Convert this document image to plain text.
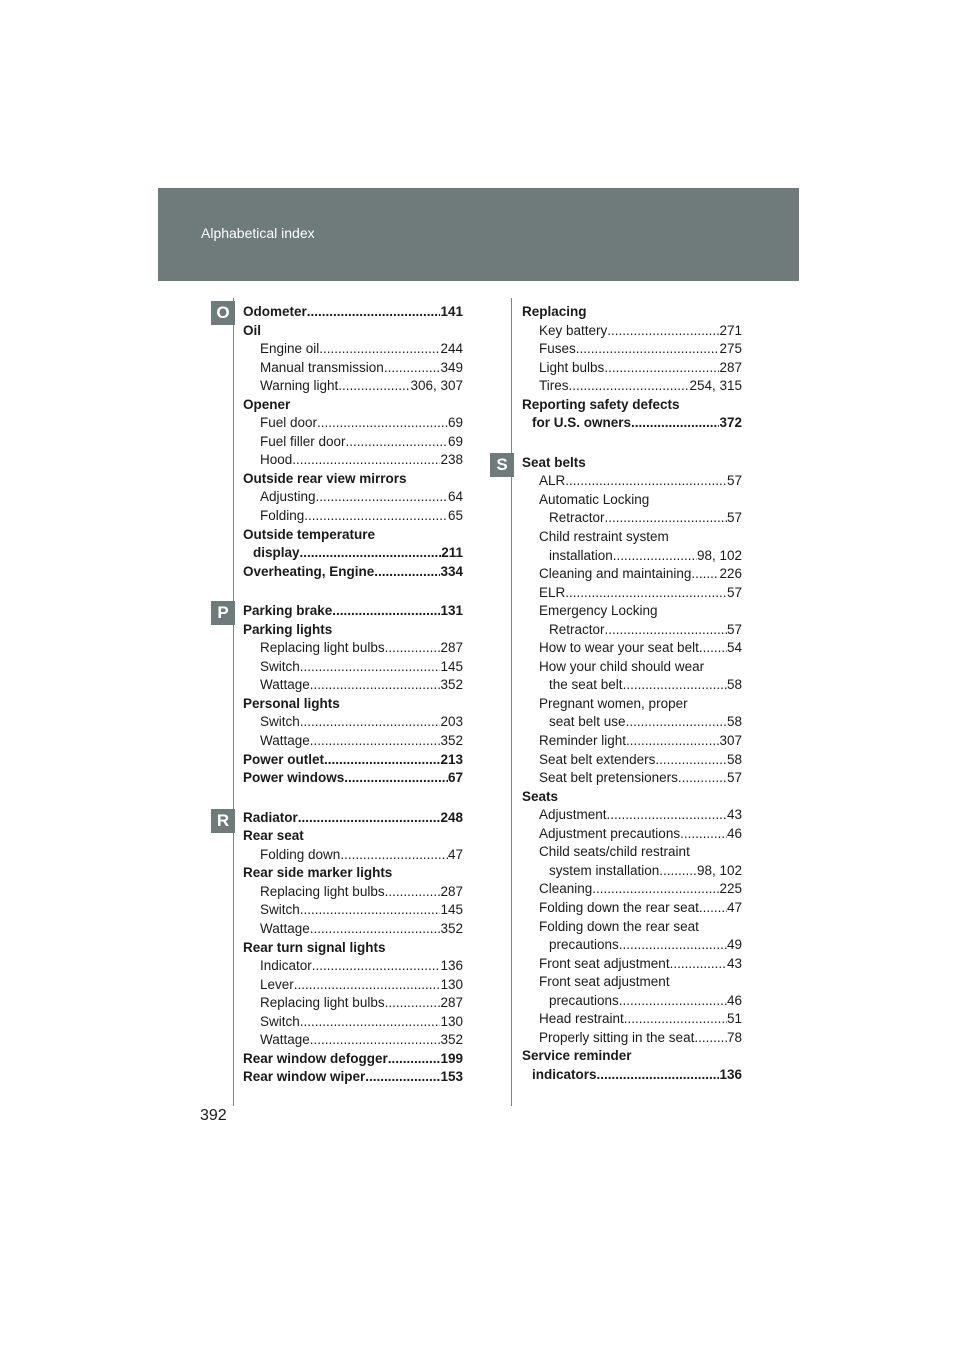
Alphabetical index
O
P
R
S
Odometer .....	141
Oil
Engine oil .....	244
Manual transmission .....	349
Warning light .....	306, 307
Opener
Fuel door .....	69
Fuel filler door .....	69
Hood .....	238
Outside rear view mirrors
Adjusting .....	64
Folding .....	65
Outside temperature
display .....	211
Overheating, Engine .....	334
Parking brake .....	131
Parking lights
Replacing light bulbs .....	287
Switch .....	145
Wattage .....	352
Personal lights
Switch .....	203
Wattage .....	352
Power outlet .....	213
Power windows .....	67
Radiator .....	248
Rear seat
Folding down .....	47
Rear side marker lights
Replacing light bulbs .....	287
Switch .....	145
Wattage .....	352
Rear turn signal lights
Indicator .....	136
Lever .....	130
Replacing light bulbs .....	287
Switch .....	130
Wattage .....	352
Rear window defogger .....	199
Rear window wiper .....	153
Replacing
Key battery .....	271
Fuses .....	275
Light bulbs .....	287
Tires .....	254, 315
Reporting safety defects
for U.S. owners .....	372
Seat belts
ALR .....	57
Automatic Locking
Retractor .....	57
Child restraint system
installation .....	98, 102
Cleaning and maintaining ..... 226
ELR .....	57
Emergency Locking
Retractor .....	57
How to wear your seat belt ..... 54
How your child should wear
the seat belt .....	58
Pregnant women, proper
seat belt use .....	58
Reminder light .....	307
Seat belt extenders .....	58
Seat belt pretensioners .....	57
Seats
Adjustment .....	43
Adjustment precautions .....	46
Child seats/child restraint
system installation .....	98, 102
Cleaning .....	225
Folding down the rear seat ..... 47
Folding down the rear seat
precautions .....	49
Front seat adjustment .....	43
Front seat adjustment
precautions .....	46
Head restraint .....	51
Properly sitting in the seat ..... 78
Service reminder
indicators .....	136
392
